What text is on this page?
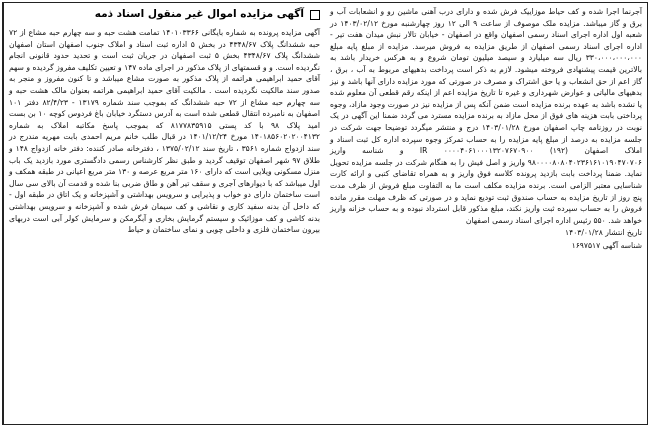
آگهی مزایده اموال غیر منقول اسناد ذمه

آگهی مزایده پرونده به شماره بایگانی ۱۴۰۱۰۳۳۶۶ تمامت هشت حبه و سه چهارم حبه مشاع از ۷۲ حبه ششدانگ پلاک ۴۳۴۸/۶۷ در بخش ۵ اداره ثبت اسناد و املاک جنوب اصفهان استان اصفهان ششدانگ پلاک ۴۳۴۸/۶۷ بخش ۵ ثبت اصفهان در جریان ثبت است و تحدید حدود قانونی انجام نگردیده است. و و قسمتهای از پلاک مذکور در اجرای ماده ۱۴۷ و تعیین تکلیف مفروز گردیده و سهم آقای حمید ابراهیمی هراتمه از پلاک مذکور به صورت مشاع میباشد و تا کنون مفروز و منجر به صدور سند مالکیت نگردیده است . مالکیت آقای حمید ابراهیمی هراتمه بعنوان مالک هشت حبه و سه چهارم حبه مشاع از ۷۲ حبه ششدانگ که بموجب سند شماره ۱۳۱۷۹ - ۸۲/۴/۲۳ دفتر ۱۰۱ اصفهان به نامبرده انتقال قطعی شده است به آدرس دستگرد خیابان باغ فردوس کوچه ۱۰ بن بست امید پلاک ۹۸ با کد پستی ۸۱۷۷۸۳۵۹۱۵ که بموجب پاسخ مکاتبه املاک به شماره ۱۴۰۱۸۵۶۰۲۰۲۰۰۴۱۳۲ مورخ ۱۴۰۱/۱۲/۲۴ در قبال طلب خانم مریم احمدی بابت مهریه مندرج در سند ازدواج شماره ۳۵۶۱ ، تاریخ سند ۱۳۷۵/۰۲/۱۲ ، دفترخانه صادر کننده: دفتر خانه ازدواج ۱۴۸ و طلاق ۹۷ شهر اصفهان توقیف گردید و طبق نظر کارشناس رسمی دادگستری مورد بازدید یک باب منزل مسکونی ویلایی است که دارای ۱۶۰ متر مربع عرصه و ۱۳۰ متر مربع اعیانی در طبقه همکف و اول میباشد که با دیوارهای آجری و سقف تیر آهن و طاق ضربی بنا شده و قدمت آن بالای سی سال است ساختمان دارای دو خواب و پذیرایی و سرویس بهداشتی و آشپزخانه و یک اتاق در طبقه اول - که داخل آن بدنه سفید کاری و نقاشی و کف سیمان فرش شده و آشپزخانه و سرویس بهداشتی بدنه کاشی و کف موزائیک و سیستم گرمایش بخاری و آبگرمکن و سرمایش کولر آبی است دربهای بیرون ساختمان فلزی و داخلی چوبی و نمای ساختمان و حیاط

آجرنما اجرا شده و کف حیاط موزاییک فرش شده و دارای درب آهنی ماشین رو و انشعابات آب و برق و گاز میباشد. مزایده ملک موصوف از ساعت ۹ الی ۱۲ روز چهارشنبه مورخ ۱۴۰۳/۰۲/۱۲ در شعبه اول اداره اجرای اسناد رسمی اصفهان واقع در اصفهان - خیابان تالار نبش میدان هفت تیر - اداره اجرای اسناد رسمی اصفهان از طریق مزایده به فروش میرسد. مزایده از مبلغ پایه مبلغ ۳۳۰،۰۰۰،۰۰۰،۰۰۰ ریال سه میلیارد و سیصد میلیون تومان شروع و به هرکس خریدار باشد به بالاترین قیمت پیشنهادی فروخته میشود. لازم به ذکر است پرداخت بدهیهای مربوط به آب ، برق ، گاز اعم از حق انشعاب و یا حق اشتراک و مصرف در صورتی که مورد مزایده دارای آنها باشد و نیز بدهیهای مالیاتی و عوارض شهرداری و غیره تا تاریخ مزایده اعم از اینکه رقم قطعی آن معلوم شده یا نشده باشد به عهده برنده مزایده است ضمن آنکه پس از مزایده نیز در صورت وجود مازاد، وجوه پرداختی بابت هزینه های فوق از محل مازاد به برنده مزایده مسترد می گردد ضمنا این آگهی در یک نوبت در روزنامه چاپ اصفهان مورخ ۱۴۰۳/۰۱/۲۸ درج و منتشر میگردد توضیحا جهت شرکت در جلسه مزایده به درصد از مبلغ پایه مزایده را به حساب تمرکز وجوه سپرده اداره کل ثبت اسناد و املاک اصفهان (۱۹۲) ۰۰۰۰۴۰۶۱۰۰۰۱۳۲۰۷۶۷۰۹۰۰ IR و شناسه واریز ۹۸۰۰۰۰۸۰۸۰۴۰۲۳۶۱۶۱۰۱۹۰۴۷۰۷۰۶ واریز و اصل فیش را به هنگام شرکت در جلسه مزایده تحویل نماید. ضمنا پرداخت بابت بازدید پرونده کلاسه فوق واریز و به همراه تقاضای کتبی و ارائه کارت شناسایی معتبر الزامی است. برنده مزایده مکلف است ما به التفاوت مبلغ فروش از ظرف مدت پنج روز از تاریخ مزایده به حساب صندوق ثبت تودیع نماید و در صورتی که ظرف مهلت مقرر مانده فروش را به حساب سپرده ثبت واریز نکند، مبلغ مذکور قابل استرداد نبوده و به حساب خزانه واریز خواهد شد. ۵۵۰ رئیس اداره اجرای اسناد رسمی اصفهان

تاریخ انتشار ۱۴۰۳/۰۱/۲۸
شناسه آگهی ۱۶۹۷۵۱۷
